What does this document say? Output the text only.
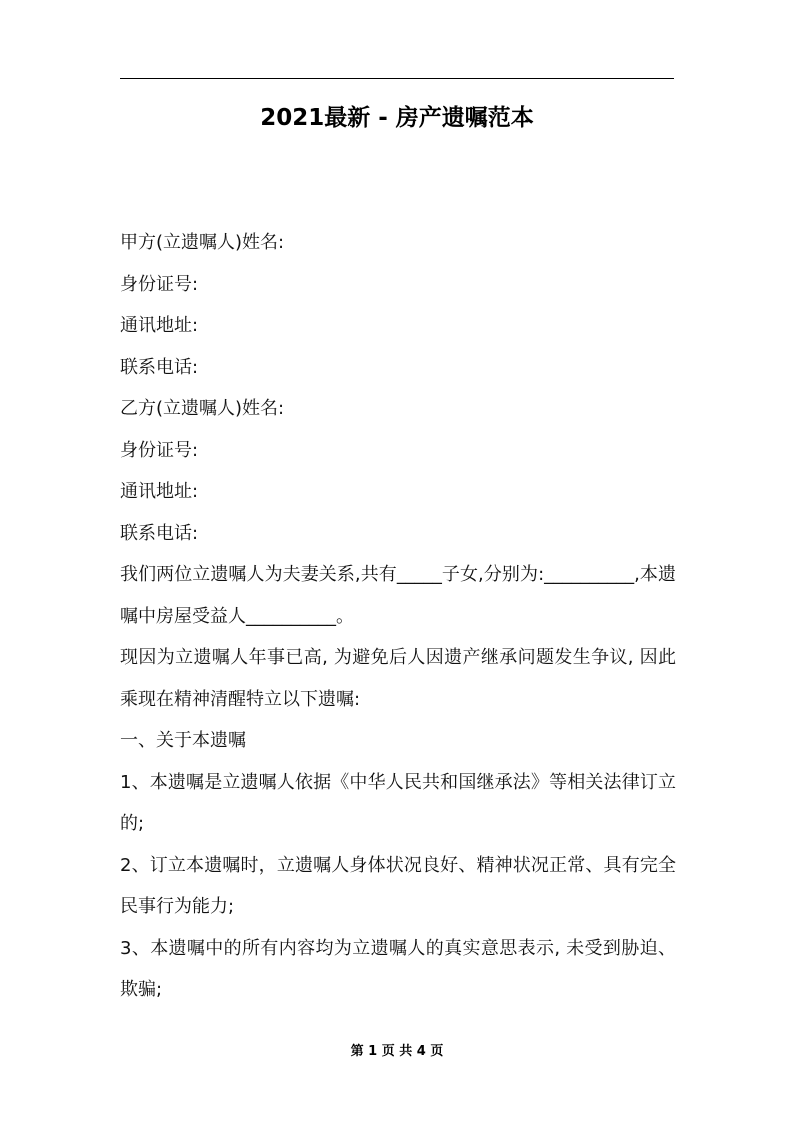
2021最新 - 房产遗嘱范本

甲方(立遗嘱人)姓名:

身份证号:

通讯地址:

联系电话:

乙方(立遗嘱人)姓名:

身份证号:

通讯地址:

联系电话:

我们两位立遗嘱人为夫妻关系,共有_____子女,分别为:__________,本遗嘱中房屋受益人__________。

现因为立遗嘱人年事已高, 为避免后人因遗产继承问题发生争议, 因此乘现在精神清醒特立以下遗嘱:

一、关于本遗嘱

1、本遗嘱是立遗嘱人依据《中华人民共和国继承法》等相关法律订立的;

2、订立本遗嘱时，立遗嘱人身体状况良好、精神状况正常、具有完全民事行为能力;

3、本遗嘱中的所有内容均为立遗嘱人的真实意思表示, 未受到胁迫、欺骗;

第 1 页 共 4 页
